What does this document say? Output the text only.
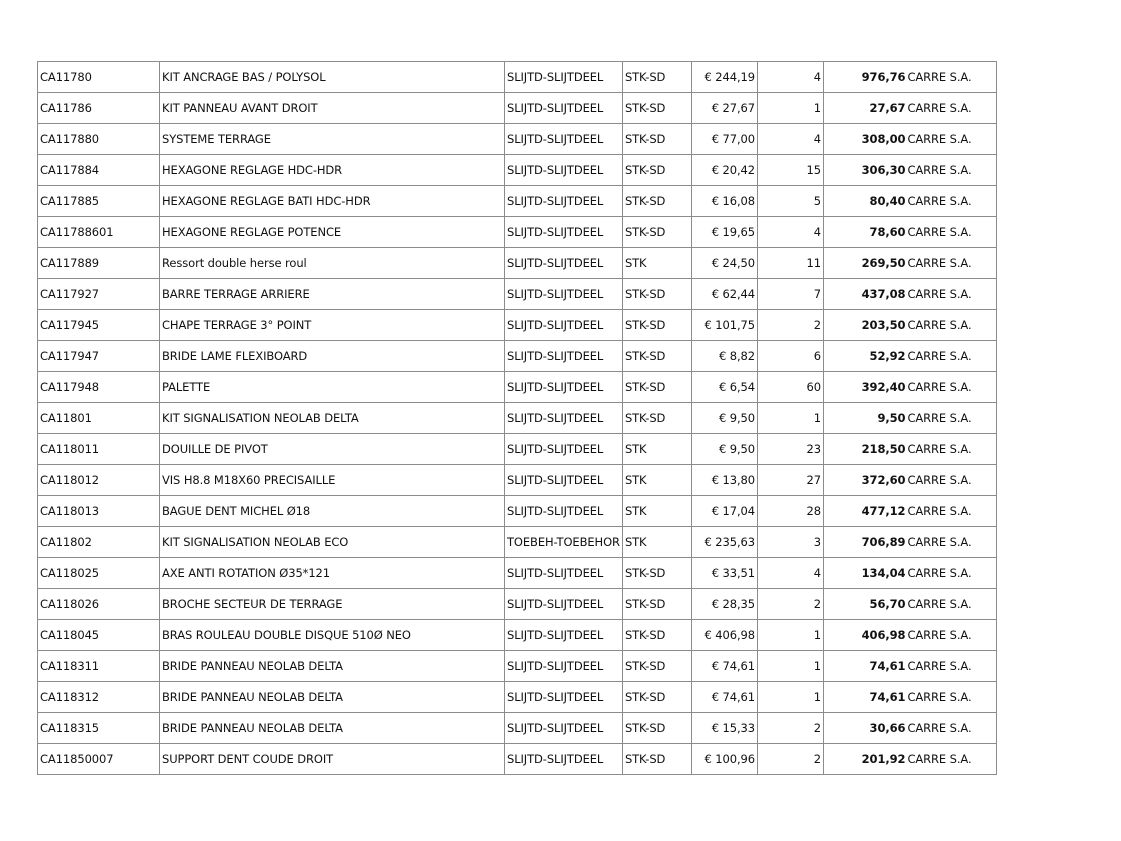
CA11780	KIT ANCRAGE BAS / POLYSOL	SLIJTD-SLIJTDEEL	STK-SD	€ 244,19	4	976,76	CARRE S.A.
CA11786	KIT PANNEAU AVANT DROIT	SLIJTD-SLIJTDEEL	STK-SD	€ 27,67	1	27,67	CARRE S.A.
CA117880	SYSTEME TERRAGE	SLIJTD-SLIJTDEEL	STK-SD	€ 77,00	4	308,00	CARRE S.A.
CA117884	HEXAGONE REGLAGE HDC-HDR	SLIJTD-SLIJTDEEL	STK-SD	€ 20,42	15	306,30	CARRE S.A.
CA117885	HEXAGONE REGLAGE BATI HDC-HDR	SLIJTD-SLIJTDEEL	STK-SD	€ 16,08	5	80,40	CARRE S.A.
CA11788601	HEXAGONE REGLAGE POTENCE	SLIJTD-SLIJTDEEL	STK-SD	€ 19,65	4	78,60	CARRE S.A.
CA117889	Ressort double herse roul	SLIJTD-SLIJTDEEL	STK	€ 24,50	11	269,50	CARRE S.A.
CA117927	BARRE TERRAGE ARRIERE	SLIJTD-SLIJTDEEL	STK-SD	€ 62,44	7	437,08	CARRE S.A.
CA117945	CHAPE TERRAGE 3° POINT	SLIJTD-SLIJTDEEL	STK-SD	€ 101,75	2	203,50	CARRE S.A.
CA117947	BRIDE LAME FLEXIBOARD	SLIJTD-SLIJTDEEL	STK-SD	€ 8,82	6	52,92	CARRE S.A.
CA117948	PALETTE	SLIJTD-SLIJTDEEL	STK-SD	€ 6,54	60	392,40	CARRE S.A.
CA11801	KIT SIGNALISATION NEOLAB DELTA	SLIJTD-SLIJTDEEL	STK-SD	€ 9,50	1	9,50	CARRE S.A.
CA118011	DOUILLE DE PIVOT	SLIJTD-SLIJTDEEL	STK	€ 9,50	23	218,50	CARRE S.A.
CA118012	VIS H8.8 M18X60 PRECISAILLE	SLIJTD-SLIJTDEEL	STK	€ 13,80	27	372,60	CARRE S.A.
CA118013	BAGUE DENT MICHEL Ø18	SLIJTD-SLIJTDEEL	STK	€ 17,04	28	477,12	CARRE S.A.
CA11802	KIT SIGNALISATION NEOLAB ECO	TOEBEH-TOEBEHOR	STK	€ 235,63	3	706,89	CARRE S.A.
CA118025	AXE ANTI ROTATION Ø35*121	SLIJTD-SLIJTDEEL	STK-SD	€ 33,51	4	134,04	CARRE S.A.
CA118026	BROCHE SECTEUR DE TERRAGE	SLIJTD-SLIJTDEEL	STK-SD	€ 28,35	2	56,70	CARRE S.A.
CA118045	BRAS ROULEAU DOUBLE DISQUE 510Ø NEO	SLIJTD-SLIJTDEEL	STK-SD	€ 406,98	1	406,98	CARRE S.A.
CA118311	BRIDE PANNEAU NEOLAB DELTA	SLIJTD-SLIJTDEEL	STK-SD	€ 74,61	1	74,61	CARRE S.A.
CA118312	BRIDE PANNEAU NEOLAB DELTA	SLIJTD-SLIJTDEEL	STK-SD	€ 74,61	1	74,61	CARRE S.A.
CA118315	BRIDE PANNEAU NEOLAB DELTA	SLIJTD-SLIJTDEEL	STK-SD	€ 15,33	2	30,66	CARRE S.A.
CA11850007	SUPPORT DENT COUDE DROIT	SLIJTD-SLIJTDEEL	STK-SD	€ 100,96	2	201,92	CARRE S.A.
